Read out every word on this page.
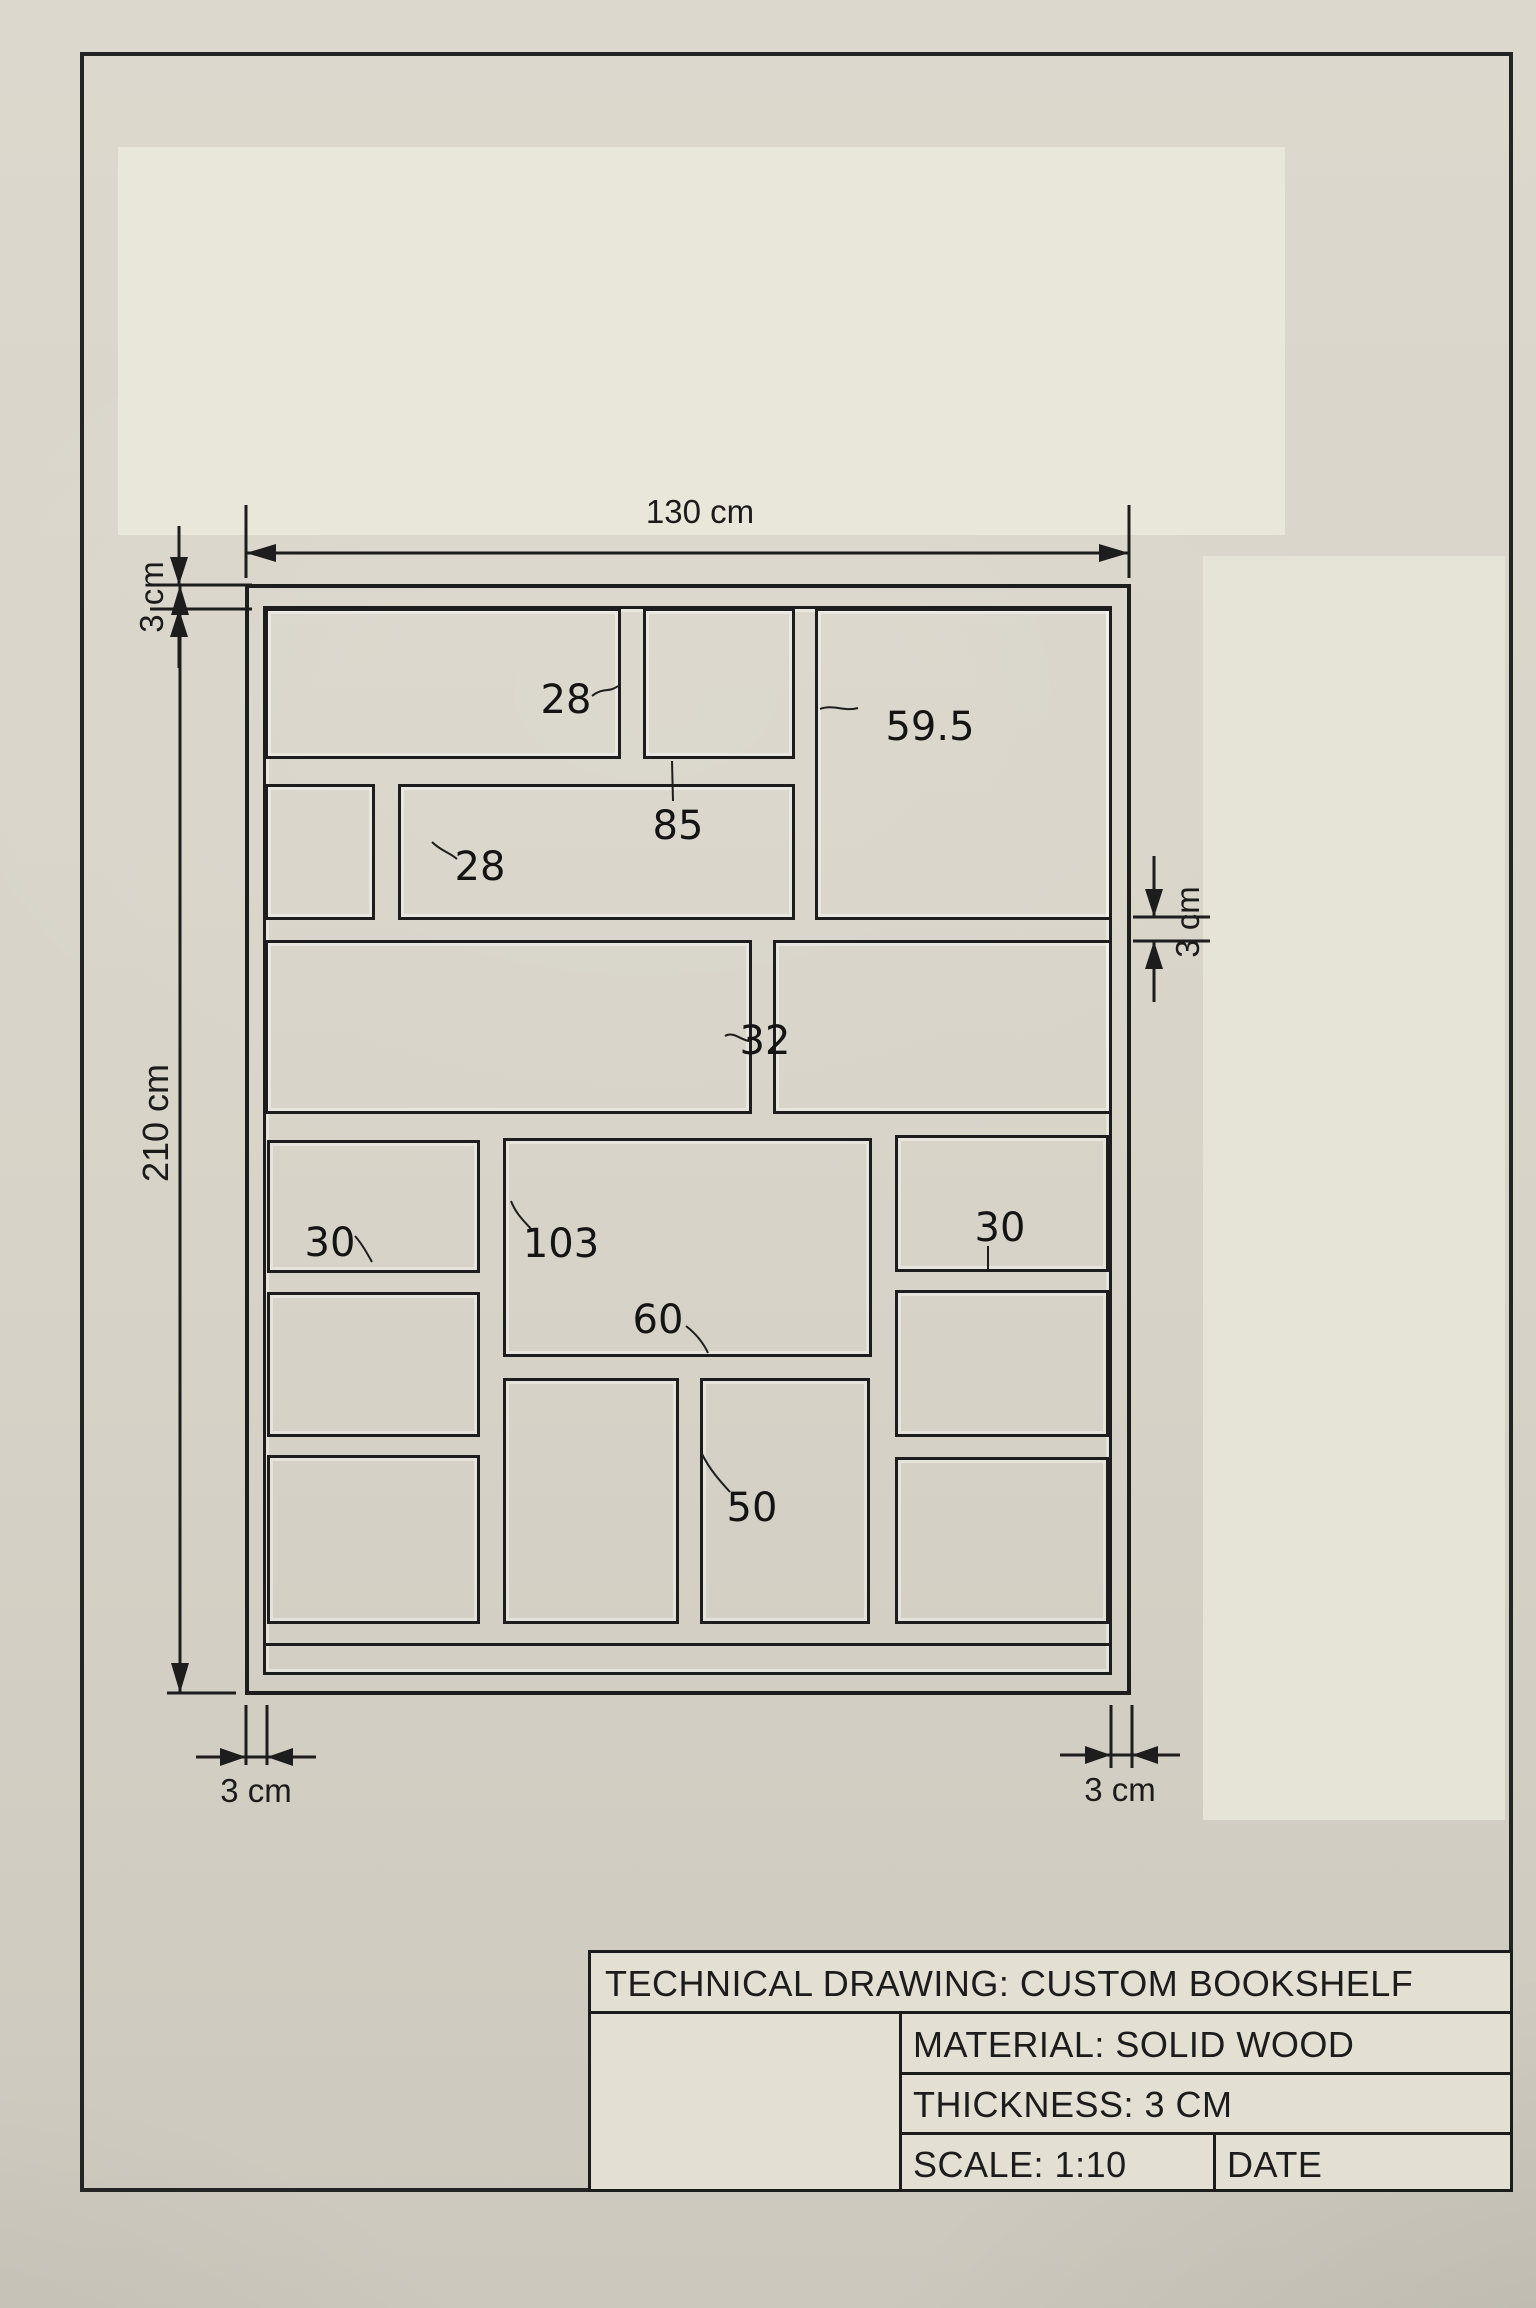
130 cm
3 cm
3 cm
210 cm
3 cm	3 cm
28
59.5
85
28
32
103
60
30	30
50
TECHNICAL DRAWING: CUSTOM BOOKSHELF
MATERIAL: SOLID WOOD
THICKNESS: 3 CM
SCALE: 1:10	DATE
